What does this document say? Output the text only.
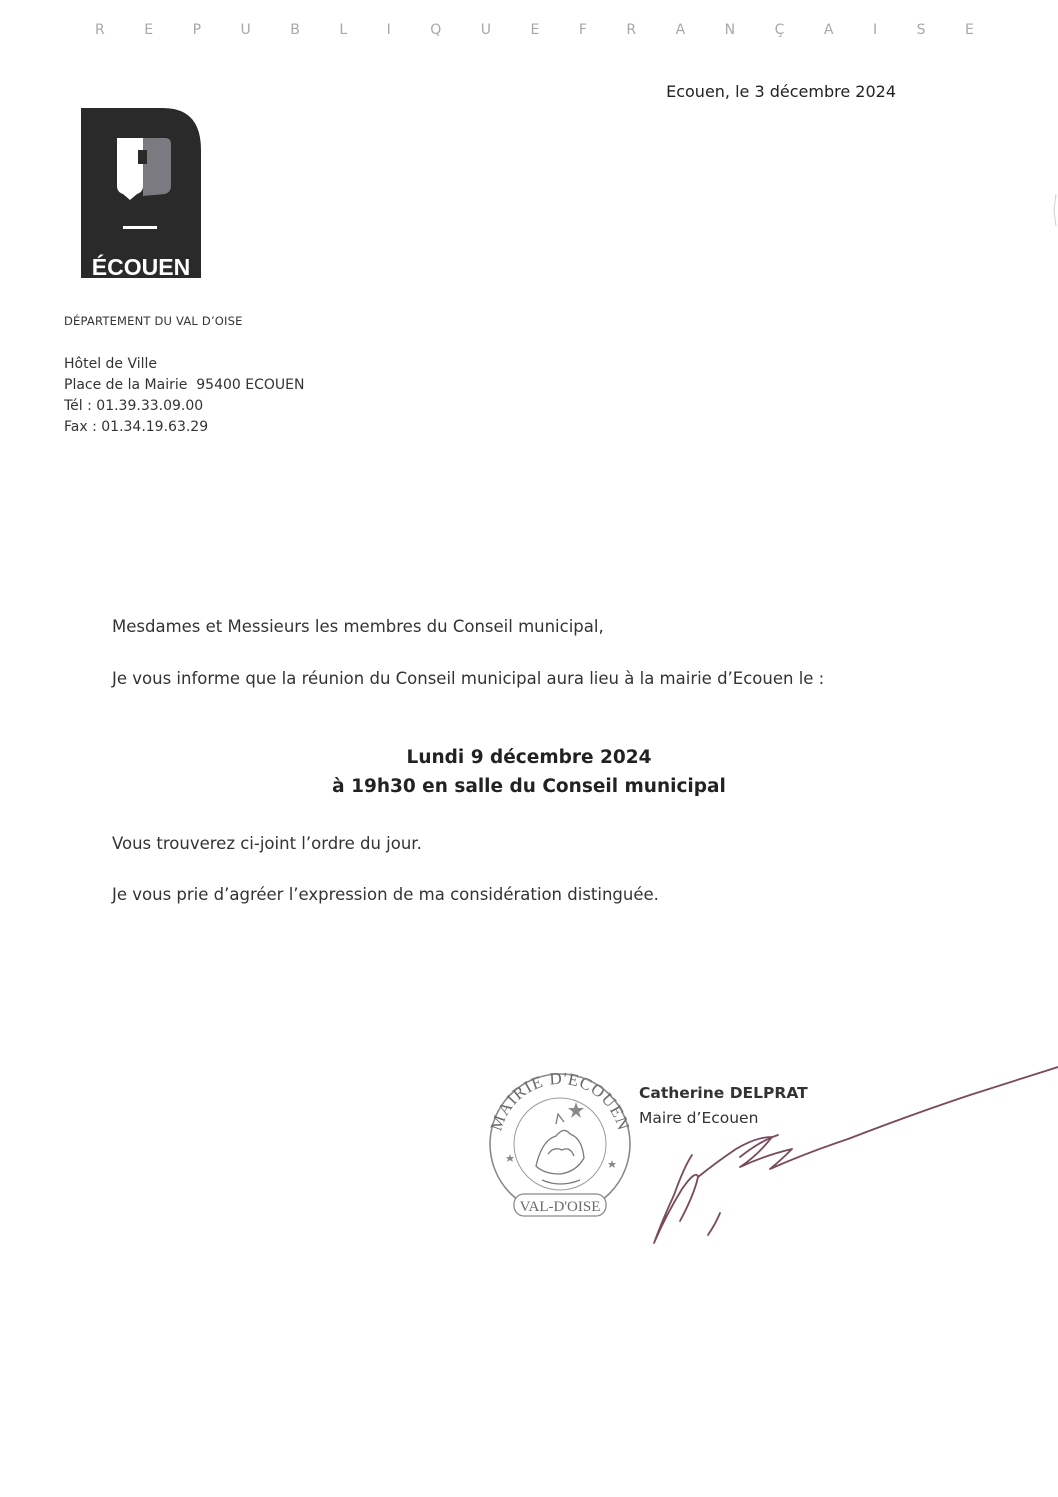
R	E	P	U	B	L	I	Q	U	E	F	R	A	N	Ç	A	I	S	E
Ecouen, le 3 décembre 2024
ÉCOUEN
DÉPARTEMENT DU VAL D’OISE
Hôtel de Ville
Place de la Mairie  95400 ECOUEN
Tél : 01.39.33.09.00
Fax : 01.34.19.63.29
Mesdames et Messieurs les membres du Conseil municipal,
Je vous informe que la réunion du Conseil municipal aura lieu à la mairie d’Ecouen le :
Lundi 9 décembre 2024
à 19h30 en salle du Conseil municipal
Vous trouverez ci-joint l’ordre du jour.
Je vous prie d’agréer l’expression de ma considération distinguée.
MAIRIE D'ECOUEN
VAL-D'OISE
Catherine DELPRAT
Maire d’Ecouen
